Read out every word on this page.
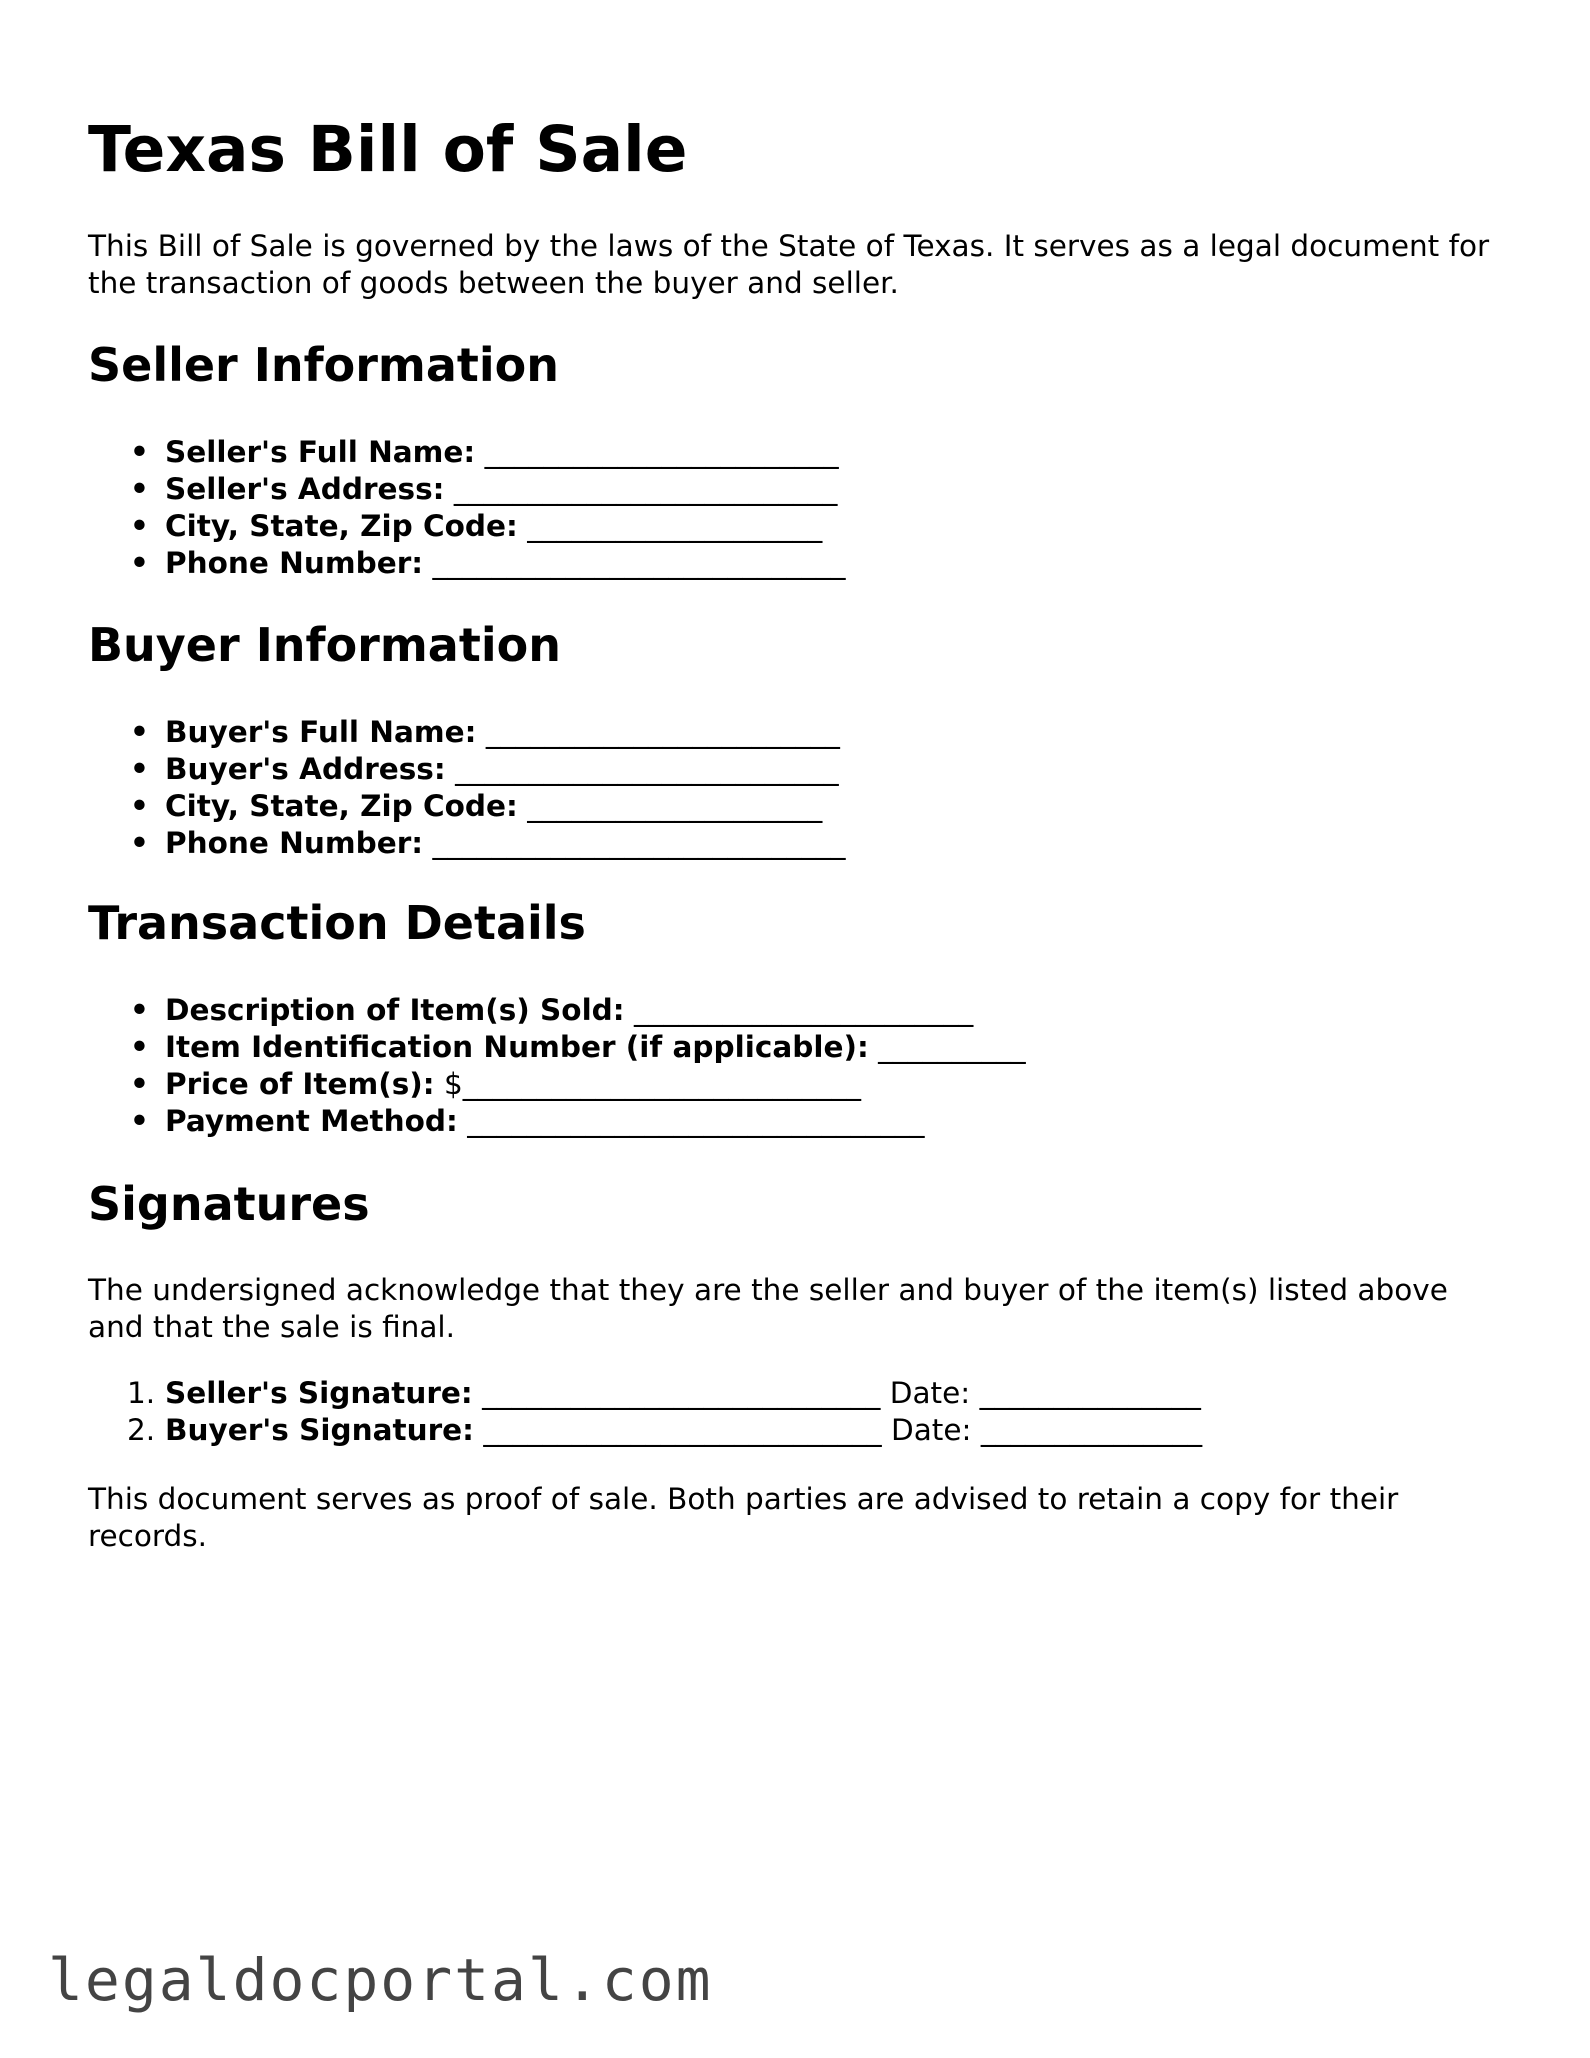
Texas Bill of Sale

This Bill of Sale is governed by the laws of the State of Texas. It serves as a legal document for the transaction of goods between the buyer and seller.

Seller Information
• Seller's Full Name: ________________________
• Seller's Address: __________________________
• City, State, Zip Code: ____________________
• Phone Number: ____________________________
Buyer Information
• Buyer's Full Name: ________________________
• Buyer's Address: __________________________
• City, State, Zip Code: ____________________
• Phone Number: ____________________________
Transaction Details
• Description of Item(s) Sold: _______________________
• Item Identification Number (if applicable): __________
• Price of Item(s): $___________________________
• Payment Method: _______________________________
Signatures

The undersigned acknowledge that they are the seller and buyer of the item(s) listed above and that the sale is final.

1. Seller's Signature: ___________________________ Date: _______________
2. Buyer's Signature: ___________________________ Date: _______________

This document serves as proof of sale. Both parties are advised to retain a copy for their records.

legaldocportal.com
